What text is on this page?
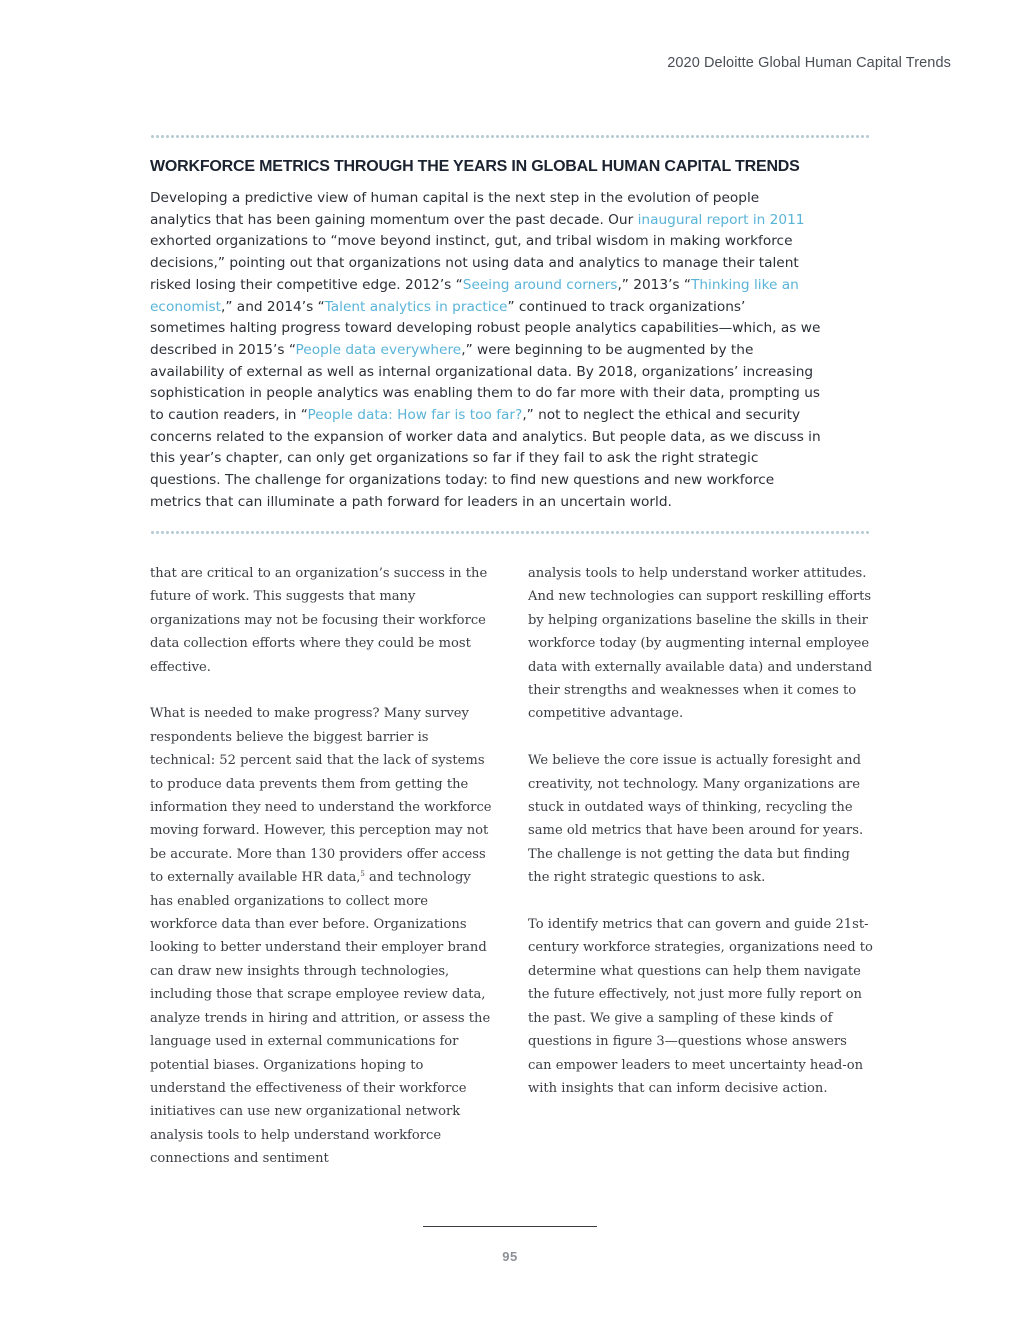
2020 Deloitte Global Human Capital Trends
WORKFORCE METRICS THROUGH THE YEARS IN GLOBAL HUMAN CAPITAL TRENDS

Developing a predictive view of human capital is the next step in the evolution of people analytics that has been gaining momentum over the past decade. Our inaugural report in 2011 exhorted organizations to “move beyond instinct, gut, and tribal wisdom in making workforce decisions,” pointing out that organizations not using data and analytics to manage their talent risked losing their competitive edge. 2012’s “Seeing around corners,” 2013’s “Thinking like an economist,” and 2014’s “Talent analytics in practice” continued to track organizations’ sometimes halting progress toward developing robust people analytics capabilities—which, as we described in 2015’s “People data everywhere,” were beginning to be augmented by the availability of external as well as internal organizational data. By 2018, organizations’ increasing sophistication in people analytics was enabling them to do far more with their data, prompting us to caution readers, in “People data: How far is too far?,” not to neglect the ethical and security concerns related to the expansion of worker data and analytics. But people data, as we discuss in this year’s chapter, can only get organizations so far if they fail to ask the right strategic questions. The challenge for organizations today: to find new questions and new workforce metrics that can illuminate a path forward for leaders in an uncertain world.

that are critical to an organization’s success in the future of work. This suggests that many organizations may not be focusing their workforce data collection efforts where they could be most effective.

What is needed to make progress? Many survey respondents believe the biggest barrier is technical: 52 percent said that the lack of systems to produce data prevents them from getting the information they need to understand the workforce moving forward. However, this perception may not be accurate. More than 130 providers offer access to externally available HR data,$^5$ and technology has enabled organizations to collect more workforce data than ever before. Organizations looking to better understand their employer brand can draw new insights through technologies, including those that scrape employee review data, analyze trends in hiring and attrition, or assess the language used in external communications for potential biases. Organizations hoping to understand the effectiveness of their workforce initiatives can use new organizational network analysis tools to help understand workforce connections and sentiment

analysis tools to help understand worker attitudes. And new technologies can support reskilling efforts by helping organizations baseline the skills in their workforce today (by augmenting internal employee data with externally available data) and understand their strengths and weaknesses when it comes to competitive advantage.

We believe the core issue is actually foresight and creativity, not technology. Many organizations are stuck in outdated ways of thinking, recycling the same old metrics that have been around for years. The challenge is not getting the data but finding the right strategic questions to ask.

To identify metrics that can govern and guide 21st-century workforce strategies, organizations need to determine what questions can help them navigate the future effectively, not just more fully report on the past. We give a sampling of these kinds of questions in figure 3—questions whose answers can empower leaders to meet uncertainty head-on with insights that can inform decisive action.

95
